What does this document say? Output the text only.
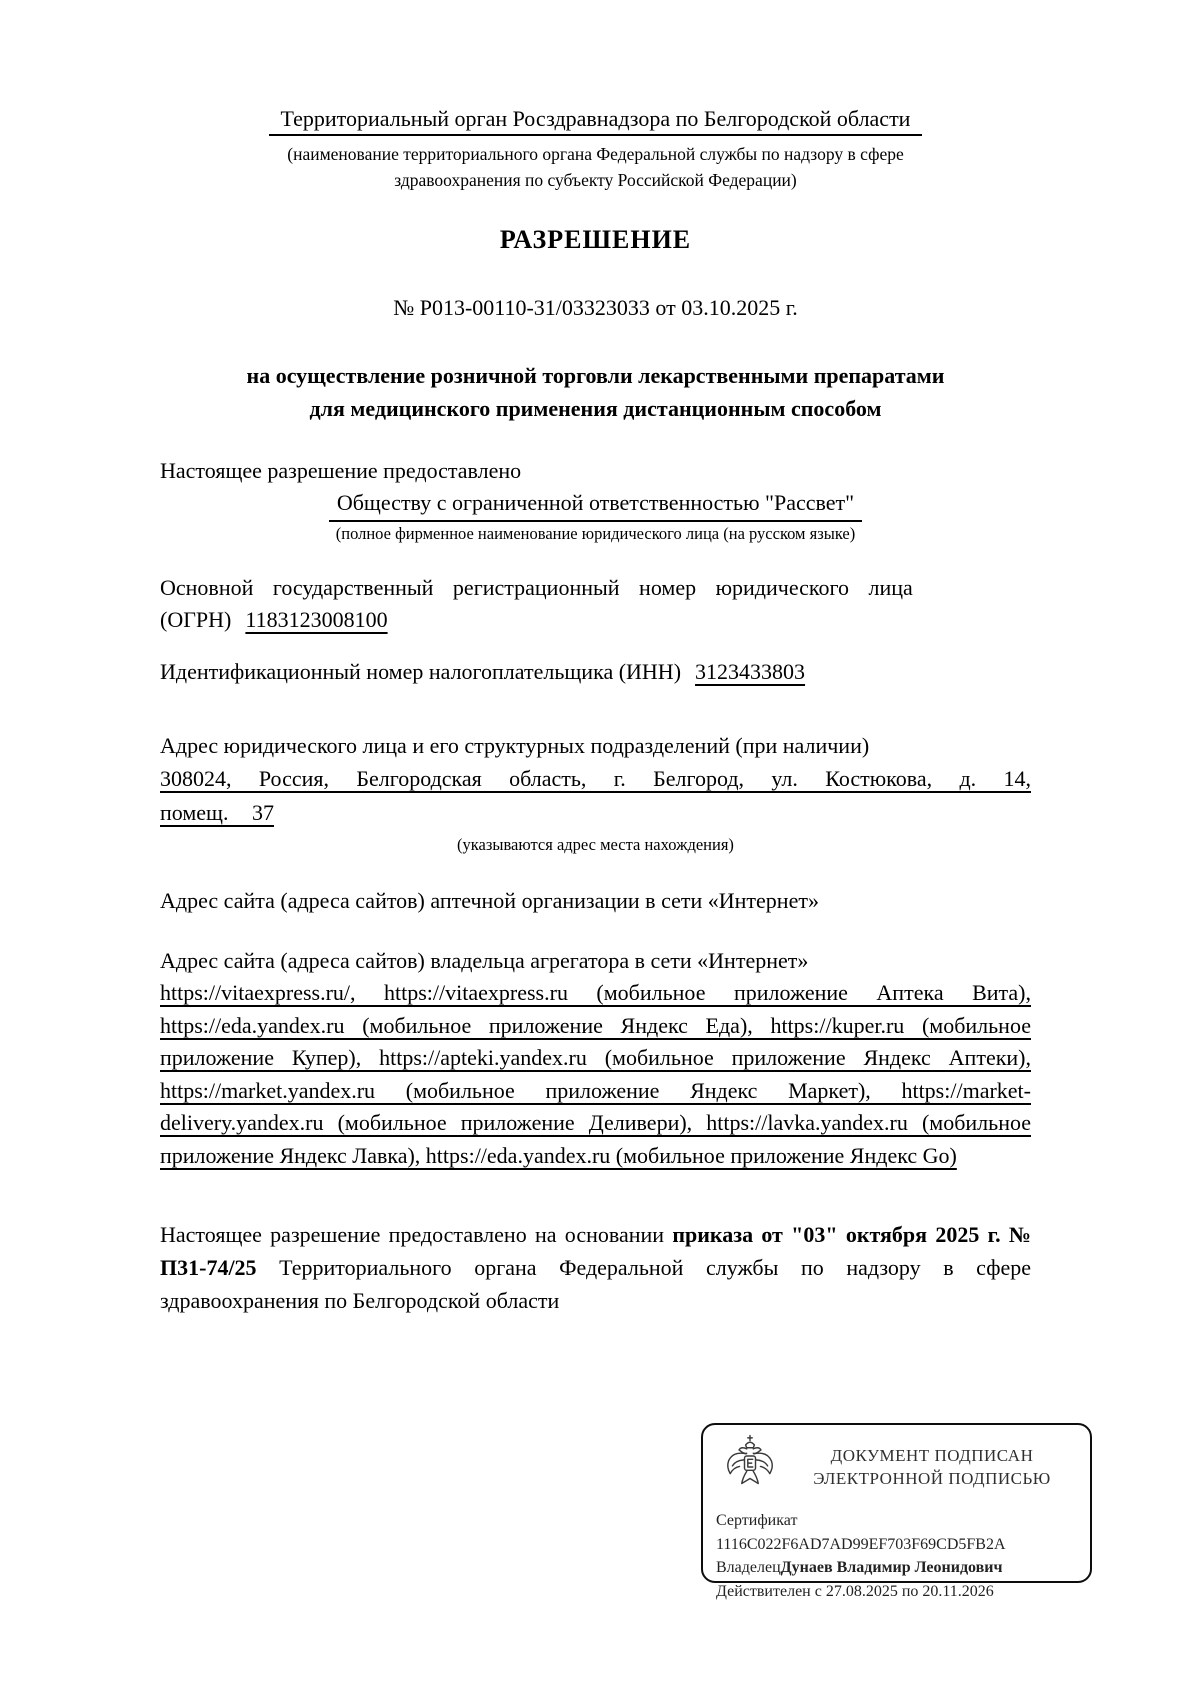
Территориальный орган Росздравнадзора по Белгородской области
(наименование территориального органа Федеральной службы по надзору в сфере
здравоохранения по субъекту Российской Федерации)
РАЗРЕШЕНИЕ
№ Р013-00110-31/03323033 от 03.10.2025 г.
на осуществление розничной торговли лекарственными препаратами
для медицинского применения дистанционным способом
Настоящее разрешение предоставлено
Обществу с ограниченной ответственностью "Рассвет"
(полное фирменное наименование юридического лица (на русском языке)
Основной государственный регистрационный номер юридического лица
(ОГРН) 1183123008100
Идентификационный номер налогоплательщика (ИНН) 3123433803
Адрес юридического лица и его структурных подразделений (при наличии)
308024, Россия, Белгородская область, г. Белгород, ул. Костюкова, д. 14, помещ. 37
(указываются адрес места нахождения)
Адрес сайта (адреса сайтов) аптечной организации в сети «Интернет»
Адрес сайта (адреса сайтов) владельца агрегатора в сети «Интернет»
https://vitaexpress.ru/, https://vitaexpress.ru (мобильное приложение Аптека Вита), https://eda.yandex.ru (мобильное приложение Яндекс Еда), https://kuper.ru (мобильное приложение Купер), https://apteki.yandex.ru (мобильное приложение Яндекс Аптеки), https://market.yandex.ru (мобильное приложение Яндекс Маркет), https://market-delivery.yandex.ru (мобильное приложение Деливери), https://lavka.yandex.ru (мобильное приложение Яндекс Лавка), https://eda.yandex.ru (мобильное приложение Яндекс Go)
Настоящее разрешение предоставлено на основании приказа от "03" октября 2025 г. № П31-74/25 Территориального органа Федеральной службы по надзору в сфере здравоохранения по Белгородской области
ДОКУМЕНТ ПОДПИСАН
ЭЛЕКТРОННОЙ ПОДПИСЬЮ
Сертификат 1116C022F6AD7AD99EF703F69CD5FB2A
ВладелецДунаев Владимир Леонидович
Действителен с 27.08.2025 по 20.11.2026
